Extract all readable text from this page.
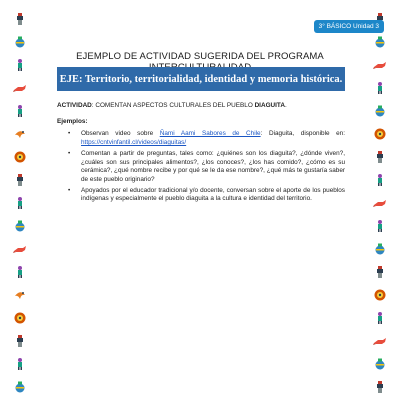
3° BÁSICO Unidad 3
EJEMPLO DE ACTIVIDAD SUGERIDA DEL PROGRAMA
EJE: Territorio, territorialidad, identidad y memoria histórica.

ACTIVIDAD: COMENTAN ASPECTOS CULTURALES DEL PUEBLO DIAGUITA.

Ejemplos:

• Observan video sobre Ñami Aami Sabores de Chile: Diaguita, disponible en: https://cntvinfantil.cl/videos/diaguitas/
• Comentan a partir de preguntas, tales como: ¿quiénes son los diaguita?, ¿dónde viven?, ¿cuáles son sus principales alimentos?, ¿los conoces?, ¿los has comido?, ¿cómo es su cerámica?, ¿qué nombre recibe y por qué se le da ese nombre?, ¿qué más te gustaría saber de este pueblo originario?
• Apoyados por el educador tradicional y/o docente, conversan sobre el aporte de los pueblos indígenas y especialmente el pueblo diaguita a la cultura e identidad del territorio.
